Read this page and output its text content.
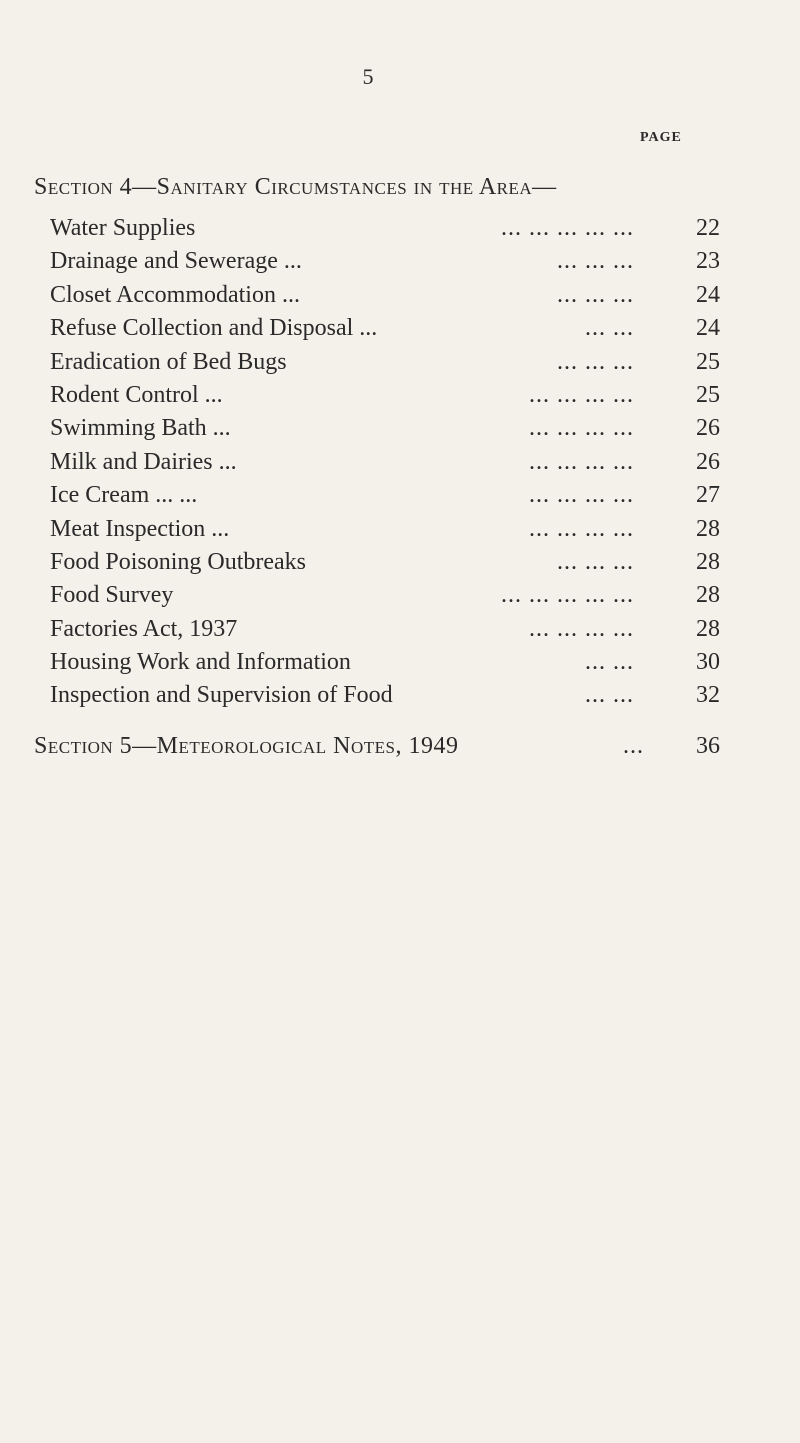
5
PAGE
Section 4—Sanitary Circumstances in the Area—
Water Supplies	... ... ... ... ...	22
Drainage and Sewerage ...	... ... ...	23
Closet Accommodation ...	... ... ...	24
Refuse Collection and Disposal ...	... ...	24
Eradication of Bed Bugs	... ... ...	25
Rodent Control ...	... ... ... ...	25
Swimming Bath ...	... ... ... ...	26
Milk and Dairies ...	... ... ... ...	26
Ice Cream ... ...	... ... ... ...	27
Meat Inspection ...	... ... ... ...	28
Food Poisoning Outbreaks	... ... ...	28
Food Survey	... ... ... ... ...	28
Factories Act, 1937	... ... ... ...	28
Housing Work and Information	... ...	30
Inspection and Supervision of Food	... ...	32
Section 5—Meteorological Notes, 1949	...	36
